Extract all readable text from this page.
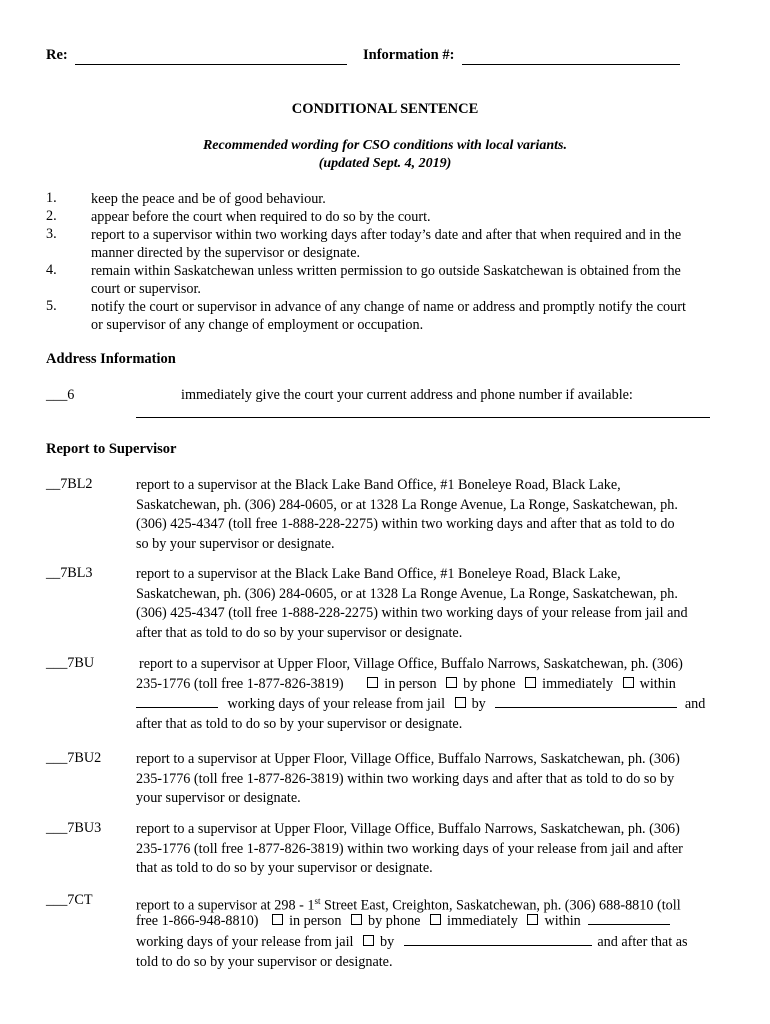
Re:	Information #:
CONDITIONAL SENTENCE
Recommended wording for CSO conditions with local variants.
(updated Sept. 4, 2019)
1.	keep the peace and be of good behaviour.
2.	appear before the court when required to do so by the court.
3.	report to a supervisor within two working days after today’s date and after that when required and in the
manner directed by the supervisor or designate.
4.	remain within Saskatchewan unless written permission to go outside Saskatchewan is obtained from the
court or supervisor.
5.	notify the court or supervisor in advance of any change of name or address and promptly notify the court
or supervisor of any change of employment or occupation.
Address Information
___6	immediately give the court your current address and phone number if available:
Report to Supervisor
__7BL2	report to a supervisor at the Black Lake Band Office, #1 Boneleye Road, Black Lake,
Saskatchewan, ph. (306) 284-0605, or at 1328 La Ronge Avenue, La Ronge, Saskatchewan, ph.
(306) 425-4347 (toll free 1-888-228-2275) within two working days and after that as told to do
so by your supervisor or designate.
__7BL3	report to a supervisor at the Black Lake Band Office, #1 Boneleye Road, Black Lake,
Saskatchewan, ph. (306) 284-0605, or at 1328 La Ronge Avenue, La Ronge, Saskatchewan, ph.
(306) 425-4347 (toll free 1-888-228-2275) within two working days of your release from jail and
after that as told to do so by your supervisor or designate.
___7BU	report to a supervisor at Upper Floor, Village Office, Buffalo Narrows, Saskatchewan, ph. (306)
235-1776 (toll free 1-877-826-3819)	in person by phone immediately within
working days of your release from jail by	and
after that as told to do so by your supervisor or designate.
___7BU2 report to a supervisor at Upper Floor, Village Office, Buffalo Narrows, Saskatchewan, ph. (306)
235-1776 (toll free 1-877-826-3819) within two working days and after that as told to do so by
your supervisor or designate.
___7BU3 report to a supervisor at Upper Floor, Village Office, Buffalo Narrows, Saskatchewan, ph. (306)
235-1776 (toll free 1-877-826-3819) within two working days of your release from jail and after
that as told to do so by your supervisor or designate.
___7CT	report to a supervisor at 298 - 1st Street East, Creighton, Saskatchewan, ph. (306) 688-8810 (toll
free 1-866-948-8810) in person by phone immediately within
working days of your release from jail by	and after that as
told to do so by your supervisor or designate.
